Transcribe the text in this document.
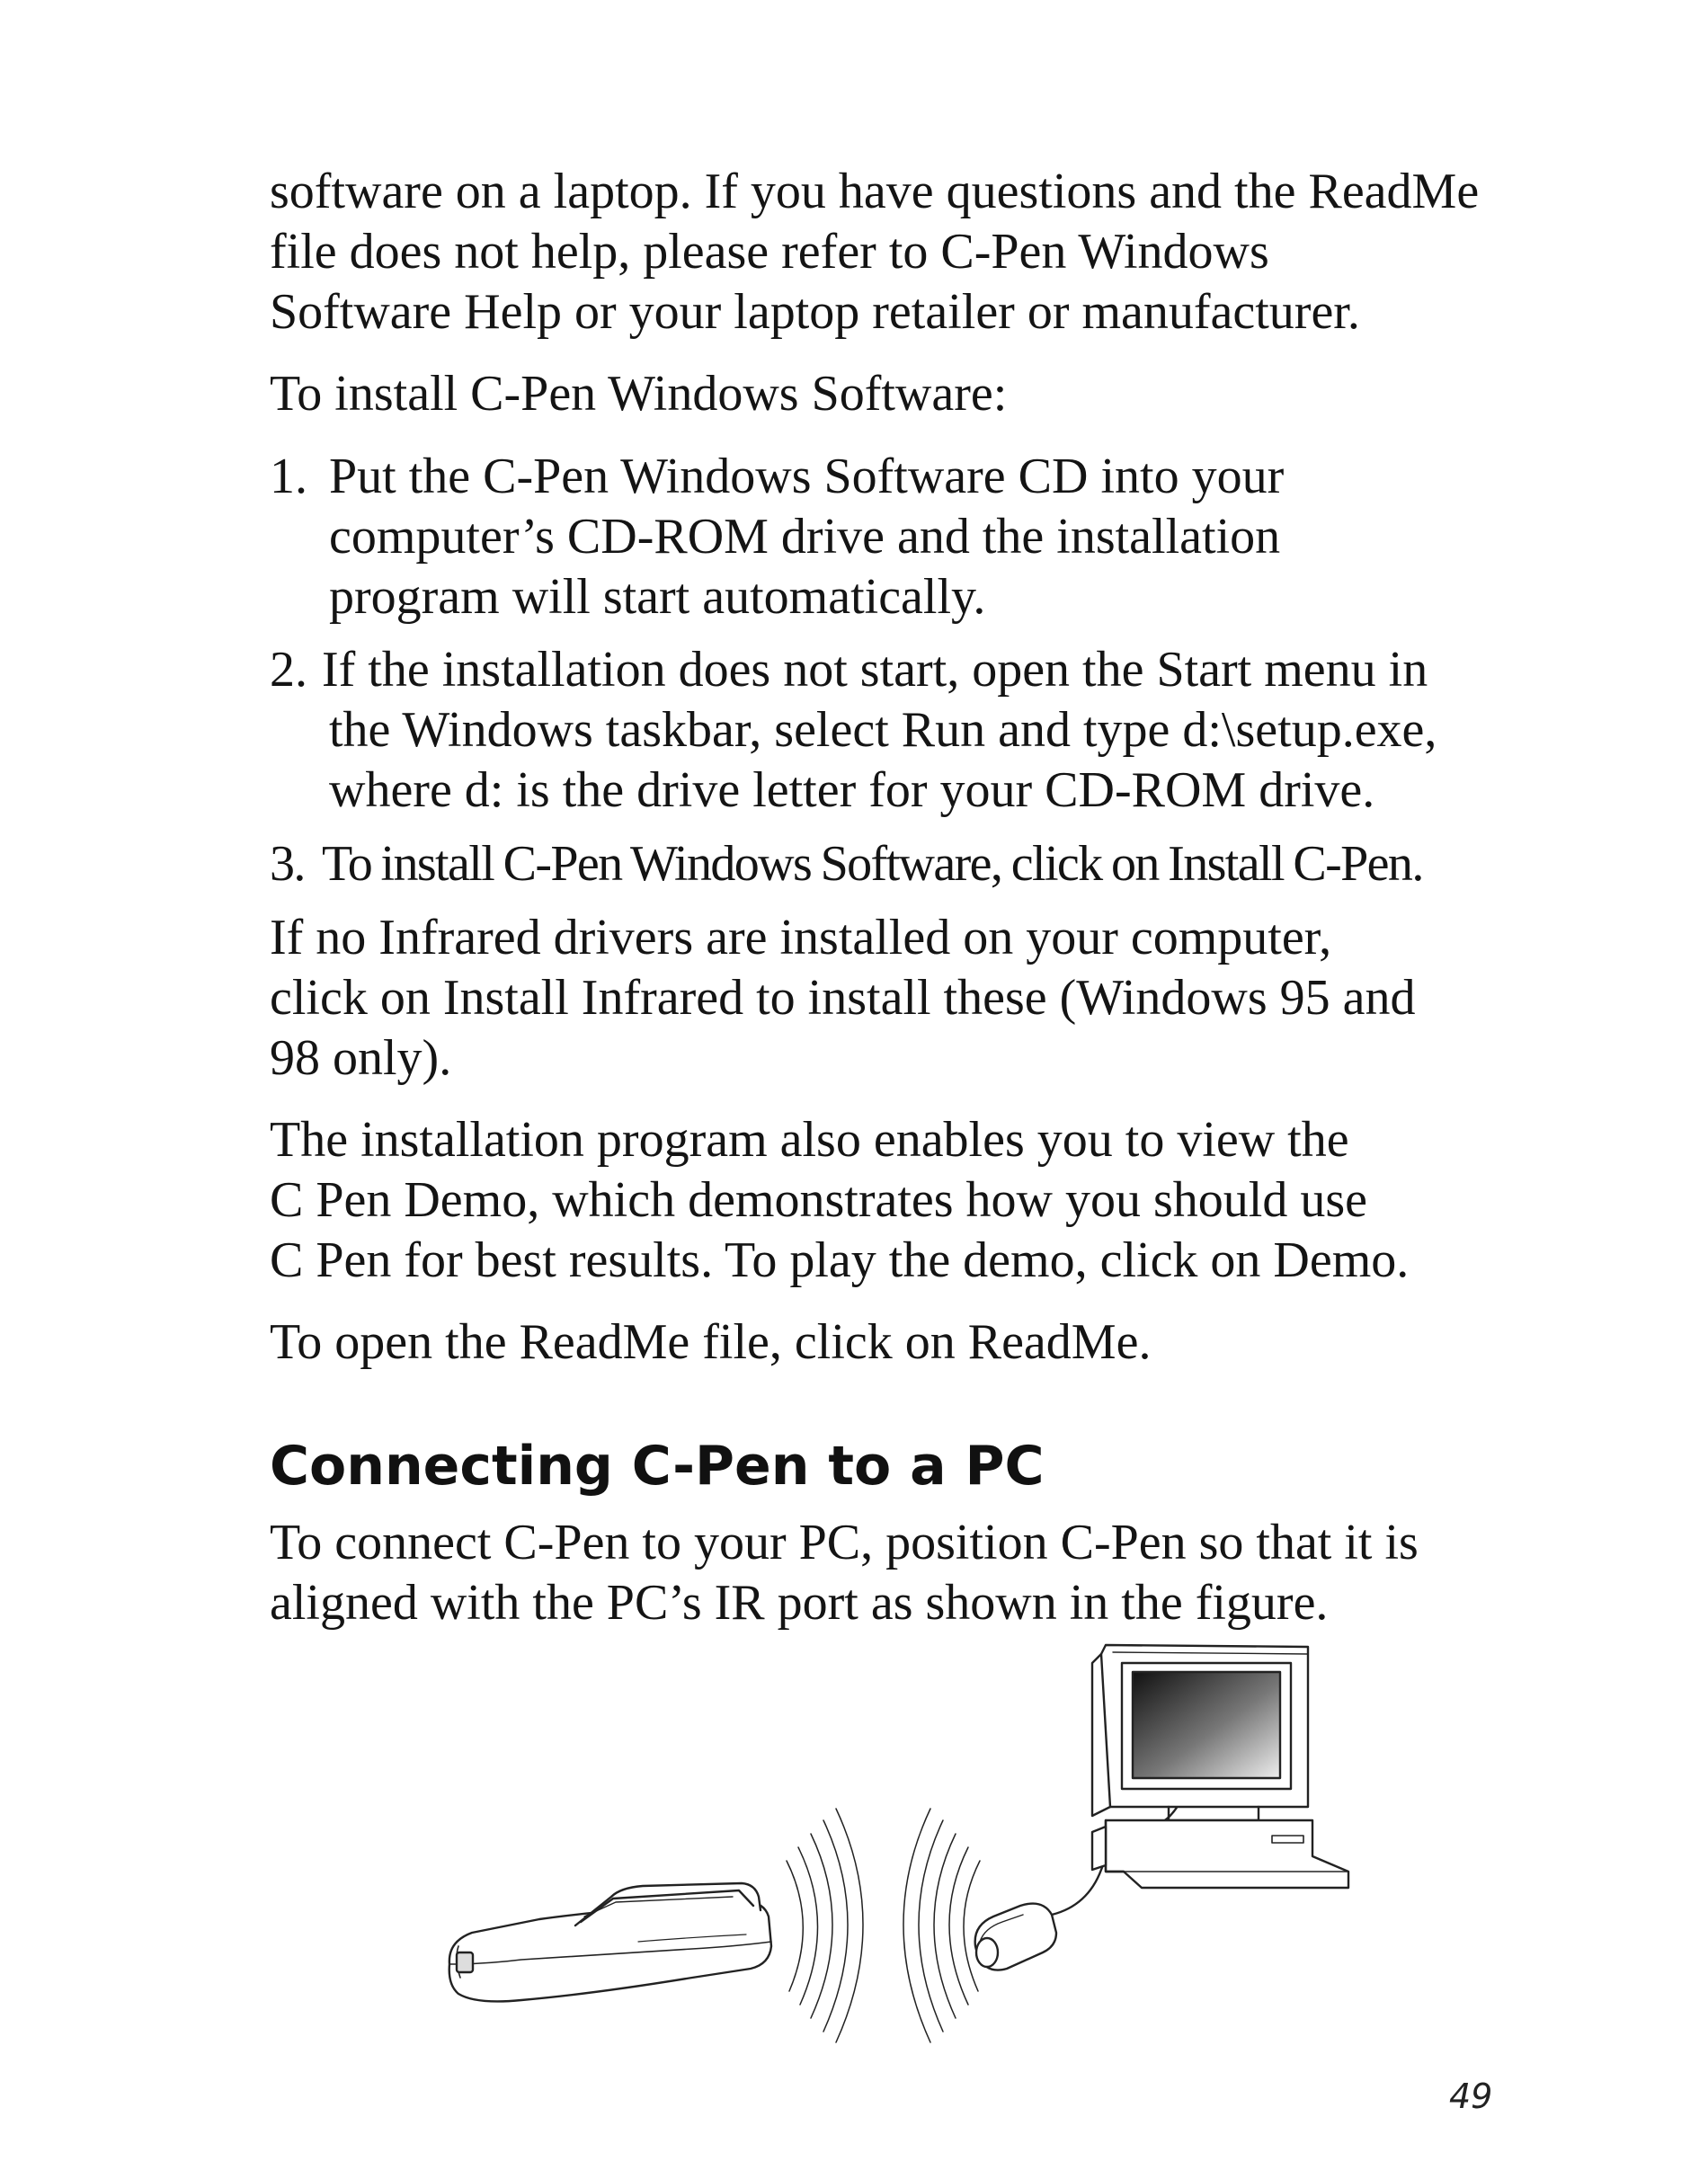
software on a laptop. If you have questions and the ReadMe
file does not help, please refer to C-Pen Windows
Software Help or your laptop retailer or manufacturer.
To install C-Pen Windows Software:
1. Put the C-Pen Windows Software CD into your
computer’s CD-ROM drive and the installation
program will start automatically.
2. If the installation does not start, open the Start menu in
the Windows taskbar, select Run and type d:\setup.exe,
where d: is the drive letter for your CD-ROM drive.
3. To install C-Pen Windows Software, click on Install C-Pen.
If no Infrared drivers are installed on your computer,
click on Install Infrared to install these (Windows 95 and
98 only).
The installation program also enables you to view the
C Pen Demo, which demonstrates how you should use
C Pen for best results. To play the demo, click on Demo.
To open the ReadMe file, click on ReadMe.
Connecting C-Pen to a PC
To connect C-Pen to your PC, position C-Pen so that it is
aligned with the PC’s IR port as shown in the figure.
49
